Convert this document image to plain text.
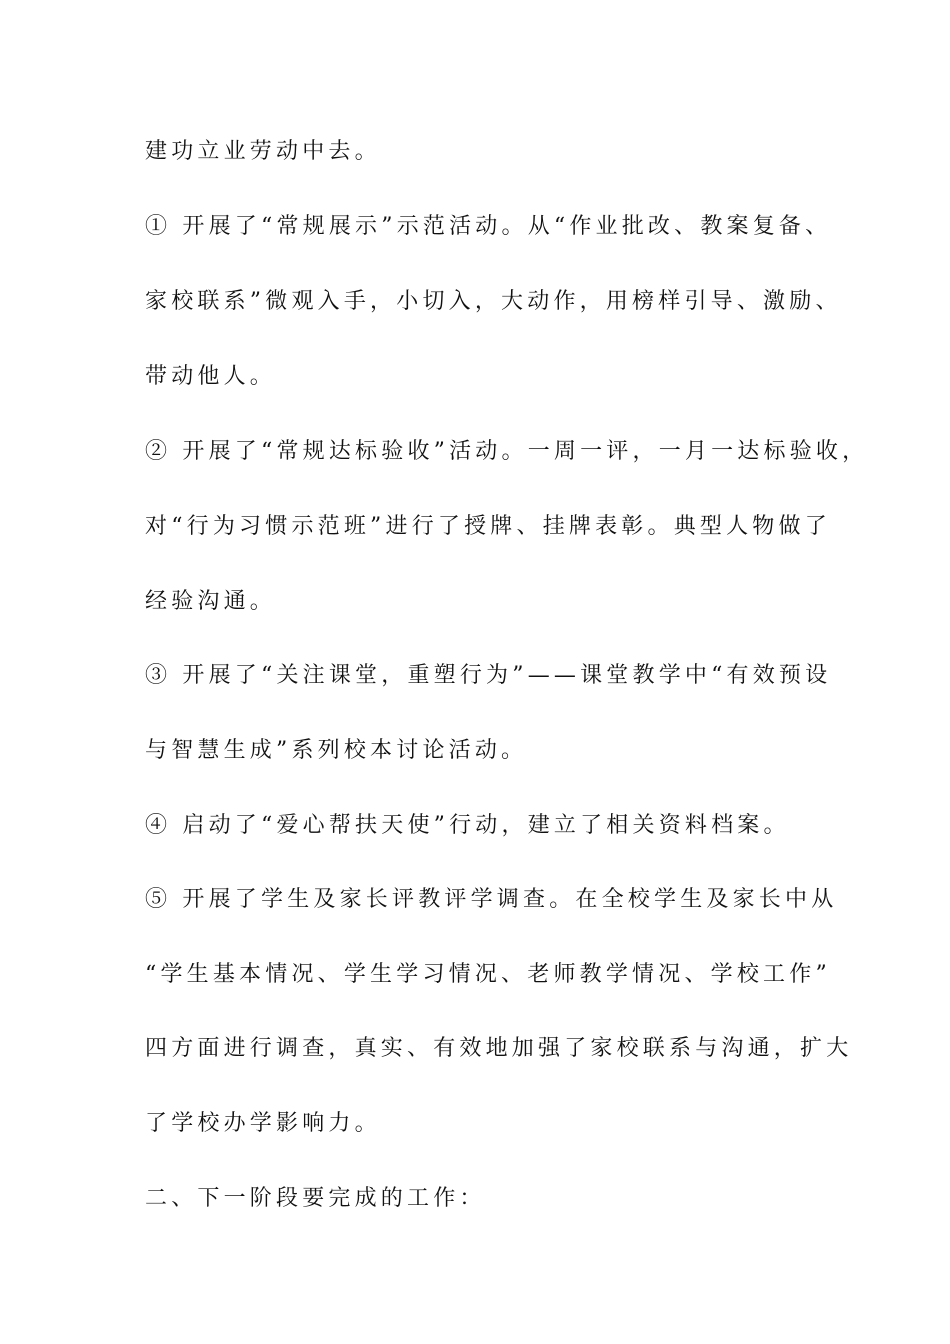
建功立业劳动中去。
① 开展了“常规展示”示范活动。从“作业批改、教案复备、
家校联系”微观入手，小切入，大动作，用榜样引导、激励、
带动他人。
② 开展了“常规达标验收”活动。一周一评，一月一达标验收，
对“行为习惯示范班”进行了授牌、挂牌表彰。典型人物做了
经验沟通。
③ 开展了“关注课堂，重塑行为”——课堂教学中“有效预设
与智慧生成”系列校本讨论活动。
④ 启动了“爱心帮扶天使”行动，建立了相关资料档案。
⑤ 开展了学生及家长评教评学调查。在全校学生及家长中从
“学生基本情况、学生学习情况、老师教学情况、学校工作”
四方面进行调查，真实、有效地加强了家校联系与沟通，扩大
了学校办学影响力。
二、下一阶段要完成的工作：
